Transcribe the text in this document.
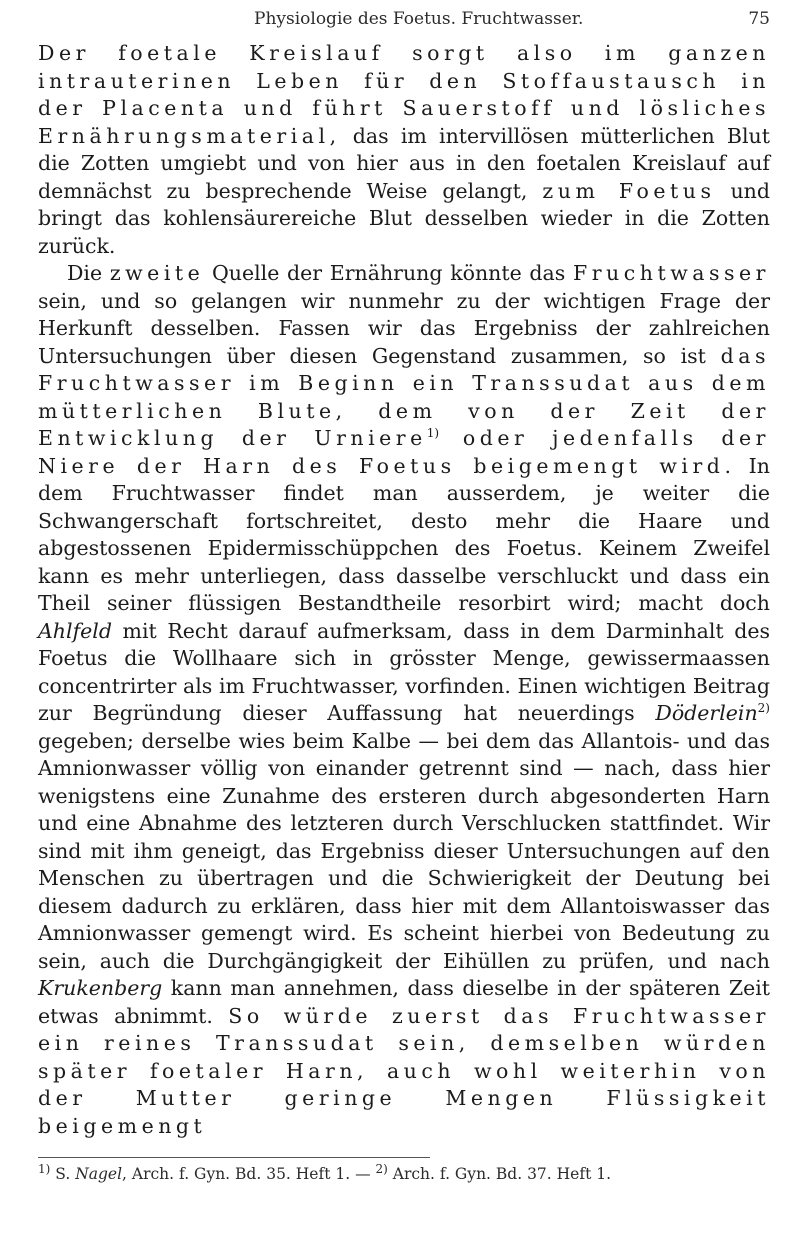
Physiologie des Foetus. Fruchtwasser.	75

Der foetale Kreislauf sorgt also im ganzen intrauterinen Leben für den Stoffaustausch in der Placenta und führt Sauerstoff und lösliches Ernährungsmaterial, das im intervillösen mütterlichen Blut die Zotten umgiebt und von hier aus in den foetalen Kreislauf auf demnächst zu besprechende Weise gelangt, zum Foetus und bringt das kohlensäurereiche Blut desselben wieder in die Zotten zurück.

Die zweite Quelle der Ernährung könnte das Fruchtwasser sein, und so gelangen wir nunmehr zu der wichtigen Frage der Herkunft desselben. Fassen wir das Ergebniss der zahlreichen Untersuchungen über diesen Gegenstand zusammen, so ist das Fruchtwasser im Beginn ein Transsudat aus dem mütterlichen Blute, dem von der Zeit der Entwicklung der Urniere$^{1)}$ oder jedenfalls der Niere der Harn des Foetus beigemengt wird. In dem Fruchtwasser findet man ausserdem, je weiter die Schwangerschaft fortschreitet, desto mehr die Haare und abgestossenen Epidermisschüppchen des Foetus. Keinem Zweifel kann es mehr unterliegen, dass dasselbe verschluckt und dass ein Theil seiner flüssigen Bestandtheile resorbirt wird; macht doch Ahlfeld mit Recht darauf aufmerksam, dass in dem Darminhalt des Foetus die Wollhaare sich in grösster Menge, gewissermaassen concentrirter als im Fruchtwasser, vorfinden. Einen wichtigen Beitrag zur Begründung dieser Auffassung hat neuerdings Döderlein$^{2)}$ gegeben; derselbe wies beim Kalbe — bei dem das Allantois- und das Amnionwasser völlig von einander getrennt sind — nach, dass hier wenigstens eine Zunahme des ersteren durch abgesonderten Harn und eine Abnahme des letzteren durch Verschlucken stattfindet. Wir sind mit ihm geneigt, das Ergebniss dieser Untersuchungen auf den Menschen zu übertragen und die Schwierigkeit der Deutung bei diesem dadurch zu erklären, dass hier mit dem Allantoiswasser das Amnionwasser gemengt wird. Es scheint hierbei von Bedeutung zu sein, auch die Durchgängigkeit der Eihüllen zu prüfen, und nach Krukenberg kann man annehmen, dass dieselbe in der späteren Zeit etwas abnimmt. So würde zuerst das Fruchtwasser ein reines Transsudat sein, demselben würden später foetaler Harn, auch wohl weiterhin von der Mutter geringe Mengen Flüssigkeit beigemengt

$^{1)}$ S. Nagel, Arch. f. Gyn. Bd. 35. Heft 1. — $^{2)}$ Arch. f. Gyn. Bd. 37. Heft 1.
